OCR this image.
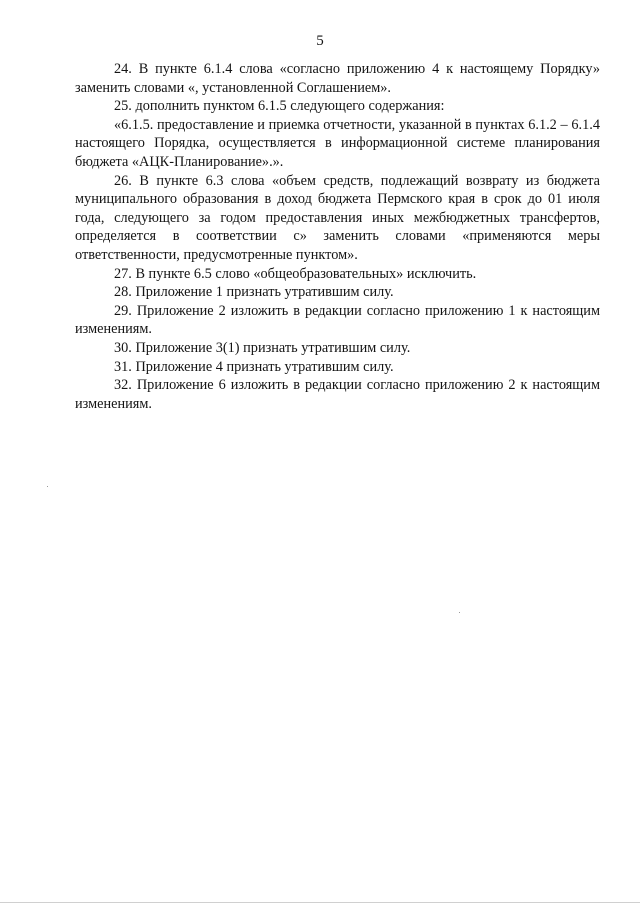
5

24. В пункте 6.1.4 слова «согласно приложению 4 к настоящему Порядку» заменить словами «, установленной Соглашением».

25. дополнить пунктом 6.1.5 следующего содержания:

«6.1.5. предоставление и приемка отчетности, указанной в пунктах 6.1.2 – 6.1.4 настоящего Порядка, осуществляется в информационной системе планирования бюджета «АЦК-Планирование».».

26. В пункте 6.3 слова «объем средств, подлежащий возврату из бюджета муниципального образования в доход бюджета Пермского края в срок до 01 июля года, следующего за годом предоставления иных межбюджетных трансфертов, определяется в соответствии с» заменить словами «применяются меры ответственности, предусмотренные пунктом».

27. В пункте 6.5 слово «общеобразовательных» исключить.

28. Приложение 1 признать утратившим силу.

29. Приложение 2 изложить в редакции согласно приложению 1 к настоящим изменениям.

30. Приложение 3(1) признать утратившим силу.

31. Приложение 4 признать утратившим силу.

32. Приложение 6 изложить в редакции согласно приложению 2 к настоящим изменениям.
